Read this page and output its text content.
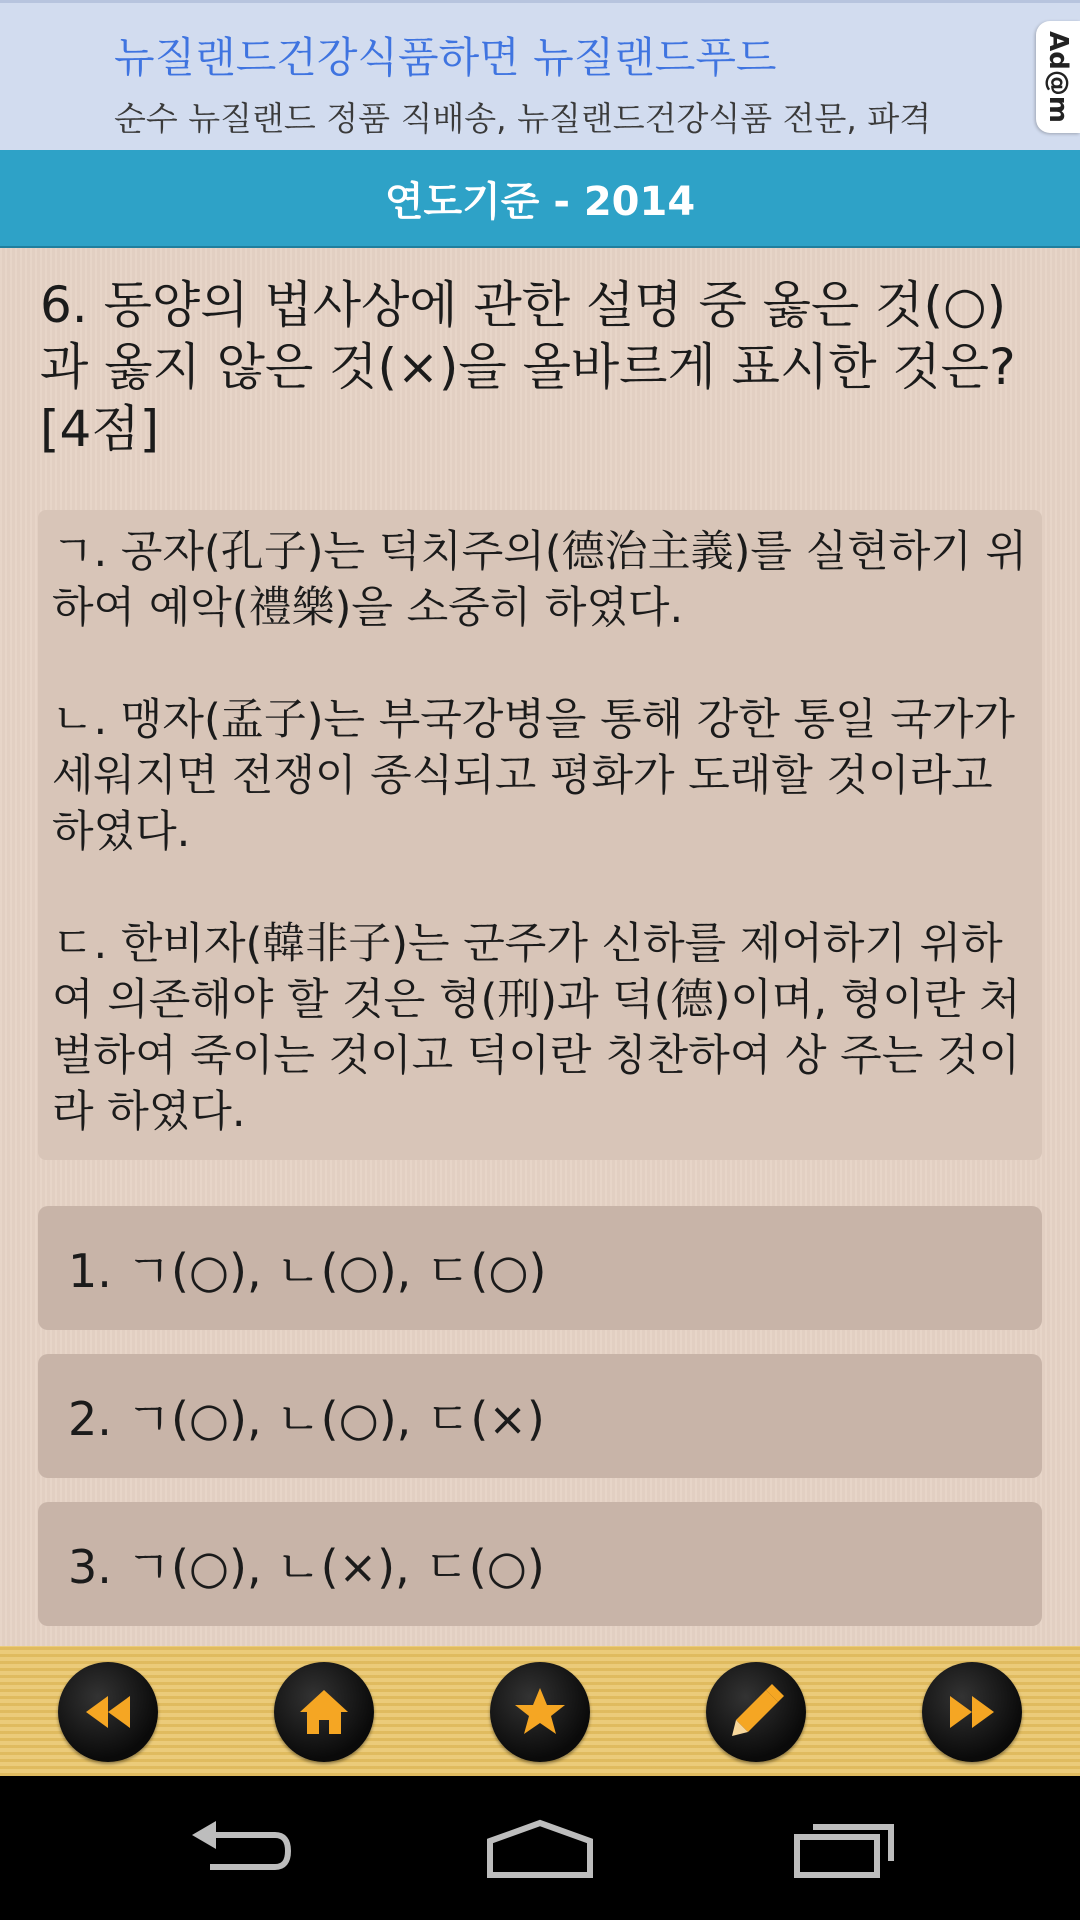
뉴질랜드건강식품하면 뉴질랜드푸드
순수 뉴질랜드 정품 직배송, 뉴질랜드건강식품 전문, 파격	Ad@m
연도기준 - 2014
6. 동양의 법사상에 관한 설명 중 옳은 것(○)과 옳지 않은 것(×)을 올바르게 표시한 것은? [4점]

ㄱ. 공자(孔子)는 덕치주의(德治主義)를 실현하기 위하여 예악(禮樂)을 소중히 하였다.

ㄴ. 맹자(孟子)는 부국강병을 통해 강한 통일 국가가 세워지면 전쟁이 종식되고 평화가 도래할 것이라고 하였다.

ㄷ. 한비자(韓非子)는 군주가 신하를 제어하기 위하여 의존해야 할 것은 형(刑)과 덕(德)이며, 형이란 처벌하여 죽이는 것이고 덕이란 칭찬하여 상 주는 것이라 하였다.

1. ㄱ(○), ㄴ(○), ㄷ(○)
2. ㄱ(○), ㄴ(○), ㄷ(×)
3. ㄱ(○), ㄴ(×), ㄷ(○)
